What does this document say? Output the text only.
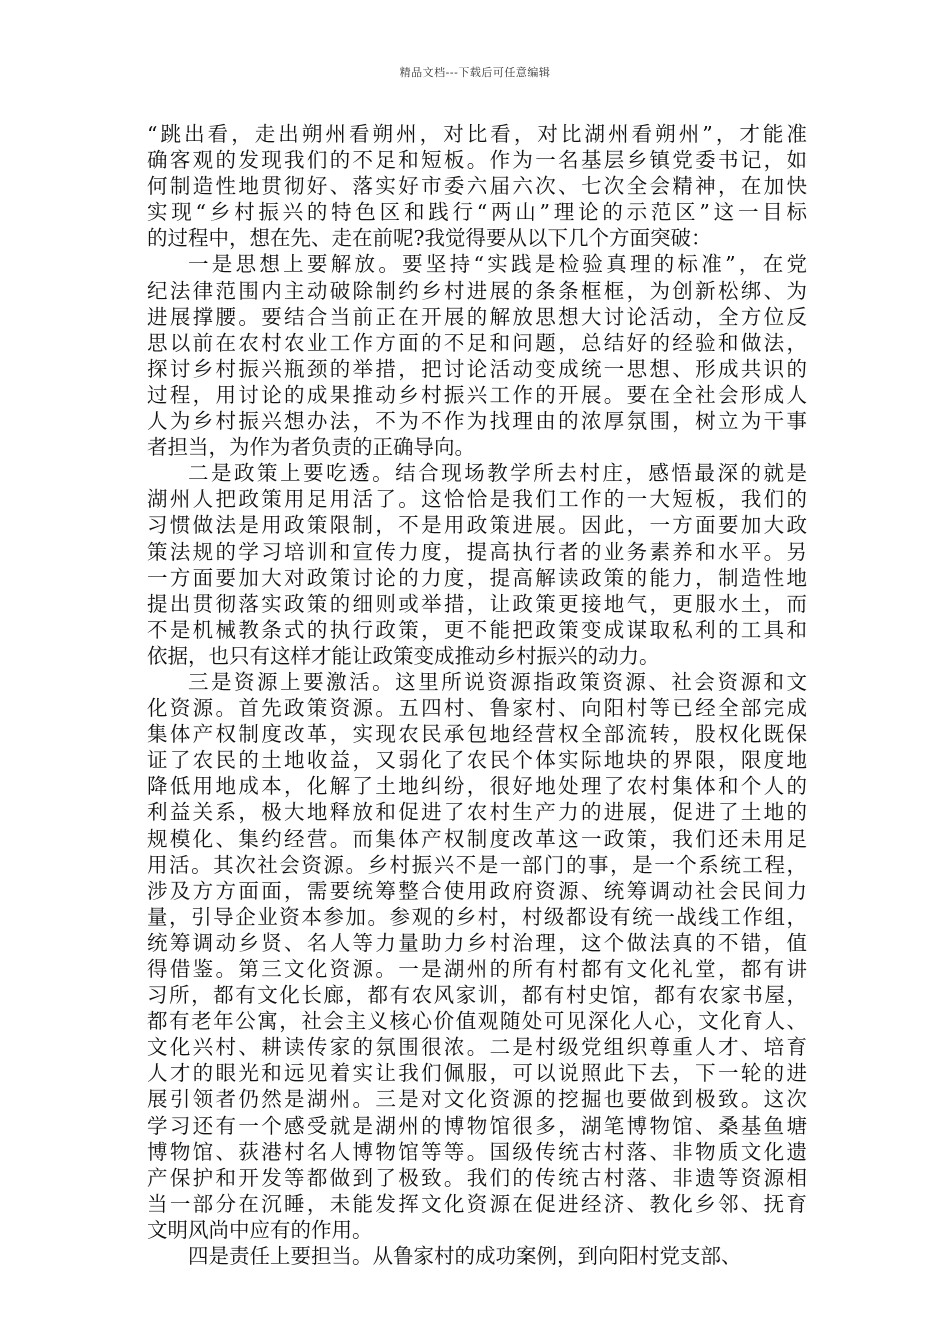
精品文档---下载后可任意编辑
“跳出看，走出朔州看朔州，对比看，对比湖州看朔州”，才能准
确客观的发现我们的不足和短板。作为一名基层乡镇党委书记，如
何制造性地贯彻好、落实好市委六届六次、七次全会精神，在加快
实现“乡村振兴的特色区和践行“两山”理论的示范区”这一目标
的过程中，想在先、走在前呢?我觉得要从以下几个方面突破：
一是思想上要解放。要坚持“实践是检验真理的标准”，在党
纪法律范围内主动破除制约乡村进展的条条框框，为创新松绑、为
进展撑腰。要结合当前正在开展的解放思想大讨论活动，全方位反
思以前在农村农业工作方面的不足和问题，总结好的经验和做法，
探讨乡村振兴瓶颈的举措，把讨论活动变成统一思想、形成共识的
过程，用讨论的成果推动乡村振兴工作的开展。要在全社会形成人
人为乡村振兴想办法，不为不作为找理由的浓厚氛围，树立为干事
者担当，为作为者负责的正确导向。
二是政策上要吃透。结合现场教学所去村庄，感悟最深的就是
湖州人把政策用足用活了。这恰恰是我们工作的一大短板，我们的
习惯做法是用政策限制，不是用政策进展。因此，一方面要加大政
策法规的学习培训和宣传力度，提高执行者的业务素养和水平。另
一方面要加大对政策讨论的力度，提高解读政策的能力，制造性地
提出贯彻落实政策的细则或举措，让政策更接地气，更服水土，而
不是机械教条式的执行政策，更不能把政策变成谋取私利的工具和
依据，也只有这样才能让政策变成推动乡村振兴的动力。
三是资源上要激活。这里所说资源指政策资源、社会资源和文
化资源。首先政策资源。五四村、鲁家村、向阳村等已经全部完成
集体产权制度改革，实现农民承包地经营权全部流转，股权化既保
证了农民的土地收益，又弱化了农民个体实际地块的界限，限度地
降低用地成本，化解了土地纠纷，很好地处理了农村集体和个人的
利益关系，极大地释放和促进了农村生产力的进展，促进了土地的
规模化、集约经营。而集体产权制度改革这一政策，我们还未用足
用活。其次社会资源。乡村振兴不是一部门的事，是一个系统工程，
涉及方方面面，需要统筹整合使用政府资源、统筹调动社会民间力
量，引导企业资本参加。参观的乡村，村级都设有统一战线工作组，
统筹调动乡贤、名人等力量助力乡村治理，这个做法真的不错，值
得借鉴。第三文化资源。一是湖州的所有村都有文化礼堂，都有讲
习所，都有文化长廊，都有农风家训，都有村史馆，都有农家书屋，
都有老年公寓，社会主义核心价值观随处可见深化人心，文化育人、
文化兴村、耕读传家的氛围很浓。二是村级党组织尊重人才、培育
人才的眼光和远见着实让我们佩服，可以说照此下去，下一轮的进
展引领者仍然是湖州。三是对文化资源的挖掘也要做到极致。这次
学习还有一个感受就是湖州的博物馆很多，湖笔博物馆、桑基鱼塘
博物馆、荻港村名人博物馆等等。国级传统古村落、非物质文化遗
产保护和开发等都做到了极致。我们的传统古村落、非遗等资源相
当一部分在沉睡，未能发挥文化资源在促进经济、教化乡邻、抚育
文明风尚中应有的作用。
四是责任上要担当。从鲁家村的成功案例，到向阳村党支部、
